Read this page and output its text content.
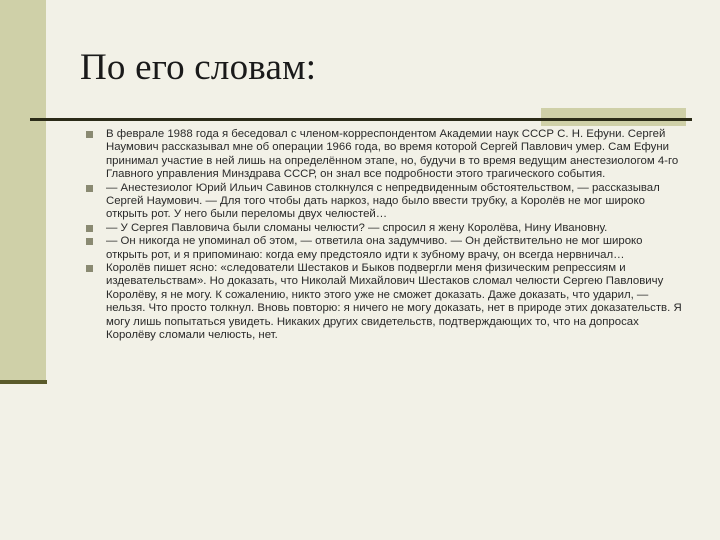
По его словам:
В феврале 1988 года я беседовал с членом-корреспондентом Академии наук СССР С. Н. Ефуни. Сергей Наумович рассказывал мне об операции 1966 года, во время которой Сергей Павлович умер. Сам Ефуни принимал участие в ней лишь на определённом этапе, но, будучи в то время ведущим анестезиологом 4-го Главного управления Минздрава СССР, он знал все подробности этого трагического события.
— Анестезиолог Юрий Ильич Савинов столкнулся с непредвиденным обстоятельством, — рассказывал Сергей Наумович. — Для того чтобы дать наркоз, надо было ввести трубку, а Королёв не мог широко открыть рот. У него были переломы двух челюстей…
— У Сергея Павловича были сломаны челюсти? — спросил я жену Королёва, Нину Ивановну.
— Он никогда не упоминал об этом, — ответила она задумчиво. — Он действительно не мог широко открыть рот, и я припоминаю: когда ему предстояло идти к зубному врачу, он всегда нервничал…
Королёв пишет ясно: «следователи Шестаков и Быков подвергли меня физическим репрессиям и издевательствам». Но доказать, что Николай Михайлович Шестаков сломал челюсти Сергею Павловичу Королёву, я не могу. К сожалению, никто этого уже не сможет доказать. Даже доказать, что ударил, — нельзя. Что просто толкнул. Вновь повторю: я ничего не могу доказать, нет в природе этих доказательств. Я могу лишь попытаться увидеть. Никаких других свидетельств, подтверждающих то, что на допросах Королёву сломали челюсть, нет.
